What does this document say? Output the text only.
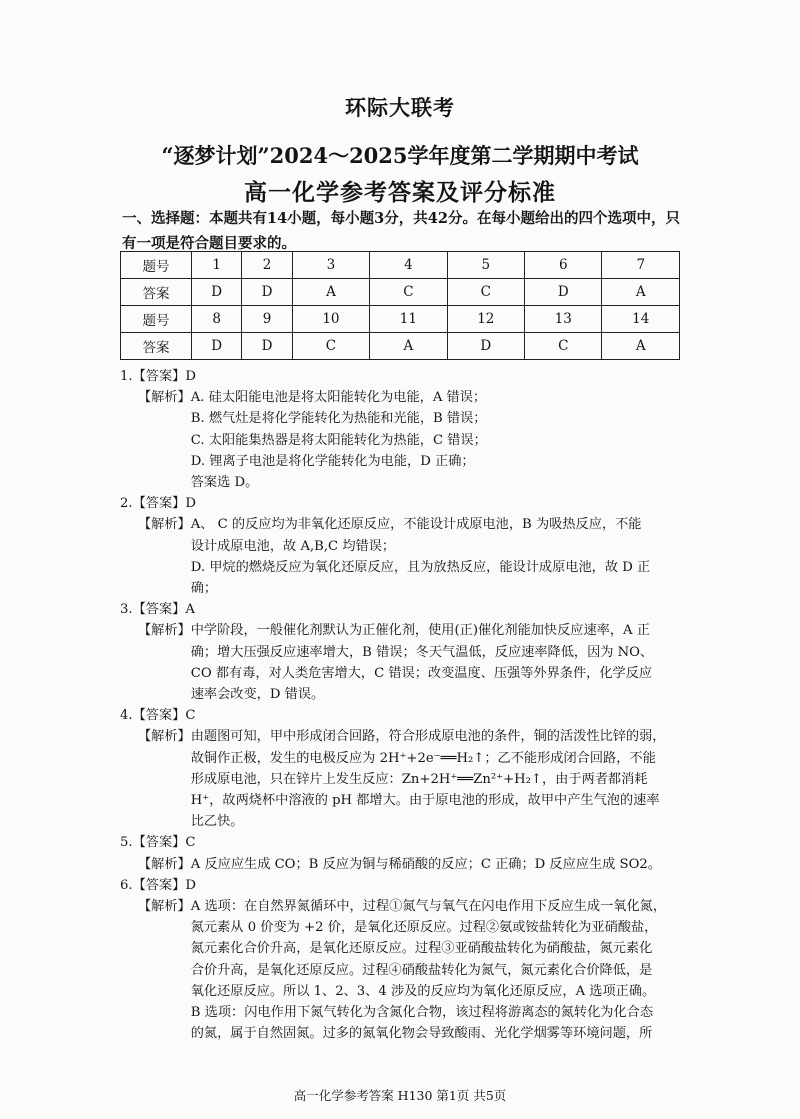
环际大联考
“逐梦计划”2024～2025学年度第二学期期中考试
高一化学参考答案及评分标准
一、选择题：本题共有14小题，每小题3分，共42分。在每小题给出的四个选项中，只
有一项是符合题目要求的。
题号	1	2	3	4	5	6	7
答案	D	D	A	C	C	D	A
题号	8	9	10	11	12	13	14
答案	D	D	C	A	D	C	A
1.【答案】D
【解析】 A. 硅太阳能电池是将太阳能转化为电能，A 错误；
B. 燃气灶是将化学能转化为热能和光能，B 错误；
C. 太阳能集热器是将太阳能转化为热能，C 错误；
D. 锂离子电池是将化学能转化为电能，D 正确；
答案选 D。
2.【答案】D
【解析】 A、 C 的反应均为非氧化还原反应，不能设计成原电池，B 为吸热反应，不能
设计成原电池，故 A,B,C 均错误；
D. 甲烷的燃烧反应为氧化还原反应，且为放热反应，能设计成原电池，故 D 正
确；
3.【答案】A
【解析】 中学阶段，一般催化剂默认为正催化剂，使用(正)催化剂能加快反应速率，A 正
确；增大压强反应速率增大，B 错误；冬天气温低，反应速率降低，因为 NO、
CO 都有毒，对人类危害增大，C 错误；改变温度、压强等外界条件，化学反应
速率会改变，D 错误。
4.【答案】C
【解析】 由题图可知，甲中形成闭合回路，符合形成原电池的条件，铜的活泼性比锌的弱，
故铜作正极，发生的电极反应为 2H⁺+2e⁻══H₂↑；乙不能形成闭合回路，不能
形成原电池，只在锌片上发生反应：Zn+2H⁺══Zn²⁺+H₂↑，由于两者都消耗
H⁺，故两烧杯中溶液的 pH 都增大。由于原电池的形成，故甲中产生气泡的速率
比乙快。
5.【答案】C
【解析】 A 反应应生成 CO；B 反应为铜与稀硝酸的反应；C 正确；D 反应应生成 SO2。
6.【答案】D
【解析】 A 选项：在自然界氮循环中，过程①氮气与氧气在闪电作用下反应生成一氧化氮，
氮元素从 0 价变为 +2 价，是氧化还原反应。过程②氨或铵盐转化为亚硝酸盐，
氮元素化合价升高，是氧化还原反应。过程③亚硝酸盐转化为硝酸盐，氮元素化
合价升高，是氧化还原反应。过程④硝酸盐转化为氮气，氮元素化合价降低，是
氧化还原反应。所以 1、2、3、4 涉及的反应均为氧化还原反应，A 选项正确。
B 选项：闪电作用下氮气转化为含氮化合物，该过程将游离态的氮转化为化合态
的氮，属于自然固氮。过多的氮氧化物会导致酸雨、光化学烟雾等环境问题，所
高一化学参考答案 H130 第1页 共5页
